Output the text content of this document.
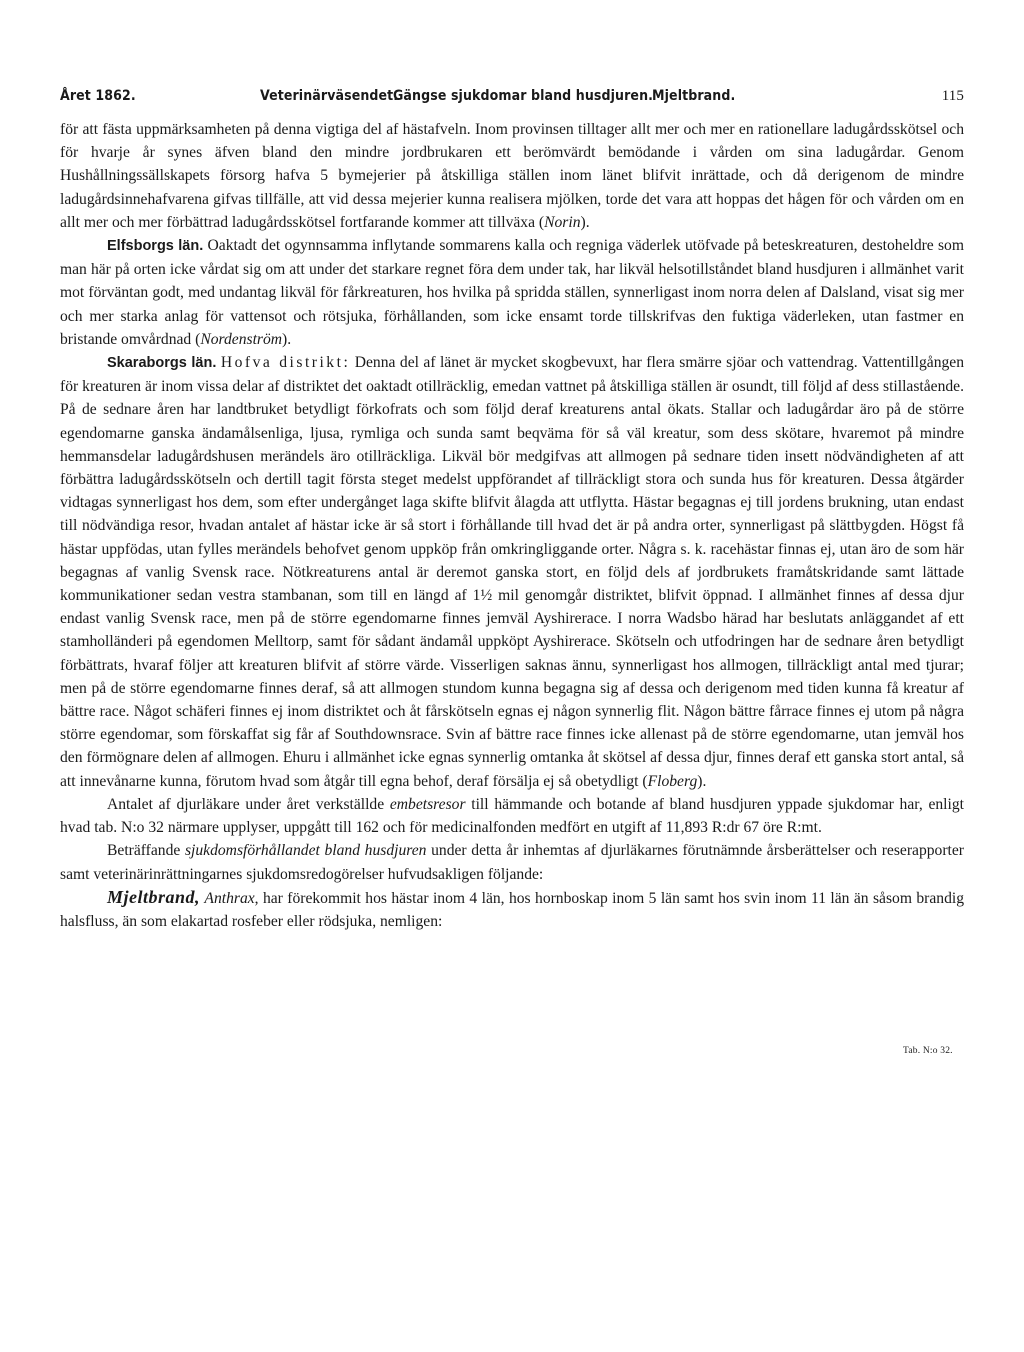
Året 1862.	Veterinärväsendet.
Gängse sjukdomar bland husdjuren.
Mjeltbrand.	115

för att fästa uppmärksamheten på denna vigtiga del af hästafveln. Inom provinsen tilltager allt mer och mer en rationellare ladugårdsskötsel och för hvarje år synes äfven bland den mindre jordbrukaren ett berömvärdt bemödande i vården om sina ladugårdar. Genom Hushållningssällskapets försorg hafva 5 bymejerier på åtskilliga ställen inom länet blifvit inrättade, och då derigenom de mindre ladugårdsinnehafvarena gifvas tillfälle, att vid dessa mejerier kunna realisera mjölken, torde det vara att hoppas det hågen för och vården om en allt mer och mer förbättrad ladugårdsskötsel fortfarande kommer att tillväxa (Norin).

Elfsborgs län. Oaktadt det ogynnsamma inflytande sommarens kalla och regniga väderlek utöfvade på beteskreaturen, destoheldre som man här på orten icke vårdat sig om att under det starkare regnet föra dem under tak, har likväl helsotillståndet bland husdjuren i allmänhet varit mot förväntan godt, med undantag likväl för fårkreaturen, hos hvilka på spridda ställen, synnerligast inom norra delen af Dalsland, visat sig mer och mer starka anlag för vattensot och rötsjuka, förhållanden, som icke ensamt torde tillskrifvas den fuktiga väderleken, utan fastmer en bristande omvårdnad (Nordenström).

Skaraborgs län. Hofva distrikt: Denna del af länet är mycket skogbevuxt, har flera smärre sjöar och vattendrag. Vattentillgången för kreaturen är inom vissa delar af distriktet det oaktadt otillräcklig, emedan vattnet på åtskilliga ställen är osundt, till följd af dess stillastående. På de sednare åren har landtbruket betydligt förkofrats och som följd deraf kreaturens antal ökats. Stallar och ladugårdar äro på de större egendomarne ganska ändamålsenliga, ljusa, rymliga och sunda samt beqväma för så väl kreatur, som dess skötare, hvaremot på mindre hemmansdelar ladugårdshusen merändels äro otillräckliga. Likväl bör medgifvas att allmogen på sednare tiden insett nödvändigheten af att förbättra ladugårdsskötseln och dertill tagit första steget medelst uppförandet af tillräckligt stora och sunda hus för kreaturen. Dessa åtgärder vidtagas synnerligast hos dem, som efter undergånget laga skifte blifvit ålagda att utflytta. Hästar begagnas ej till jordens brukning, utan endast till nödvändiga resor, hvadan antalet af hästar icke är så stort i förhållande till hvad det är på andra orter, synnerligast på slättbygden. Högst få hästar uppfödas, utan fylles merändels behofvet genom uppköp från omkringliggande orter. Några s. k. racehästar finnas ej, utan äro de som här begagnas af vanlig Svensk race. Nötkreaturens antal är deremot ganska stort, en följd dels af jordbrukets framåtskridande samt lättade kommunikationer sedan vestra stambanan, som till en längd af 1½ mil genomgår distriktet, blifvit öppnad. I allmänhet finnes af dessa djur endast vanlig Svensk race, men på de större egendomarne finnes jemväl Ayshirerace. I norra Wadsbo härad har beslutats anläggandet af ett stamholländeri på egendomen Melltorp, samt för sådant ändamål uppköpt Ayshirerace. Skötseln och utfodringen har de sednare åren betydligt förbättrats, hvaraf följer att kreaturen blifvit af större värde. Visserligen saknas ännu, synnerligast hos allmogen, tillräckligt antal med tjurar; men på de större egendomarne finnes deraf, så att allmogen stundom kunna begagna sig af dessa och derigenom med tiden kunna få kreatur af bättre race. Något schäferi finnes ej inom distriktet och åt fårskötseln egnas ej någon synnerlig flit. Någon bättre fårrace finnes ej utom på några större egendomar, som förskaffat sig får af Southdownsrace. Svin af bättre race finnes icke allenast på de större egendomarne, utan jemväl hos den förmögnare delen af allmogen. Ehuru i allmänhet icke egnas synnerlig omtanka åt skötsel af dessa djur, finnes deraf ett ganska stort antal, så att innevånarne kunna, förutom hvad som åtgår till egna behof, deraf försälja ej så obetydligt (Floberg).

Antalet af djurläkare under året verkställde embetsresor till hämmande och botande af bland husdjuren yppade sjukdomar har, enligt hvad tab. N:o 32 närmare upplyser, uppgått till 162 och för medicinalfonden medfört en utgift af 11,893 R:dr 67 öre R:mt.

Beträffande sjukdomsförhållandet bland husdjuren under detta år inhemtas af djurläkarnes förutnämnde årsberättelser och reserapporter samt veterinärinrättningarnes sjukdomsredogörelser hufvudsakligen följande:

Mjeltbrand, Anthrax, har förekommit hos hästar inom 4 län, hos hornboskap inom 5 län samt hos svin inom 11 län än såsom brandig halsfluss, än som elakartad rosfeber eller rödsjuka, nemligen:

Tab. N:o 32.
